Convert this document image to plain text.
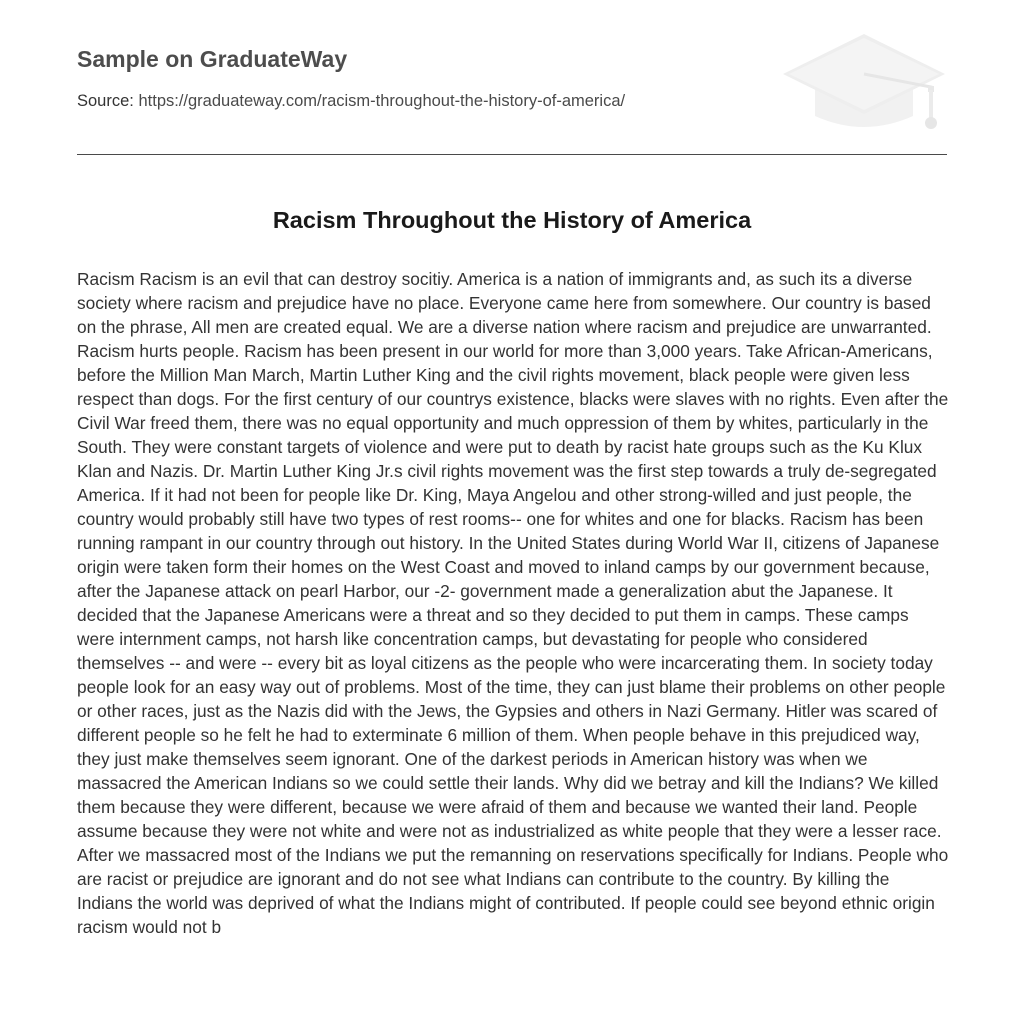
Sample on GraduateWay
Source: https://graduateway.com/racism-throughout-the-history-of-america/
Racism Throughout the History of America

Racism Racism is an evil that can destroy socitiy. America is a nation of immigrants and, as such its a diverse society where racism and prejudice have no place. Everyone came here from somewhere. Our country is based on the phrase, All men are created equal. We are a diverse nation where racism and prejudice are unwarranted. Racism hurts people. Racism has been present in our world for more than 3,000 years. Take African-Americans, before the Million Man March, Martin Luther King and the civil rights movement, black people were given less respect than dogs. For the first century of our countrys existence, blacks were slaves with no rights. Even after the Civil War freed them, there was no equal opportunity and much oppression of them by whites, particularly in the South. They were constant targets of violence and were put to death by racist hate groups such as the Ku Klux Klan and Nazis. Dr. Martin Luther King Jr.s civil rights movement was the first step towards a truly de-segregated America. If it had not been for people like Dr. King, Maya Angelou and other strong-willed and just people, the country would probably still have two types of rest rooms-- one for whites and one for blacks. Racism has been running rampant in our country through out history. In the United States during World War II, citizens of Japanese origin were taken form their homes on the West Coast and moved to inland camps by our government because, after the Japanese attack on pearl Harbor, our -2- government made a generalization abut the Japanese. It decided that the Japanese Americans were a threat and so they decided to put them in camps. These camps were internment camps, not harsh like concentration camps, but devastating for people who considered themselves -- and were -- every bit as loyal citizens as the people who were incarcerating them. In society today people look for an easy way out of problems. Most of the time, they can just blame their problems on other people or other races, just as the Nazis did with the Jews, the Gypsies and others in Nazi Germany. Hitler was scared of different people so he felt he had to exterminate 6 million of them. When people behave in this prejudiced way, they just make themselves seem ignorant. One of the darkest periods in American history was when we massacred the American Indians so we could settle their lands. Why did we betray and kill the Indians? We killed them because they were different, because we were afraid of them and because we wanted their land. People assume because they were not white and were not as industrialized as white people that they were a lesser race. After we massacred most of the Indians we put the remanning on reservations specifically for Indians. People who are racist or prejudice are ignorant and do not see what Indians can contribute to the country. By killing the Indians the world was deprived of what the Indians might of contributed. If people could see beyond ethnic origin racism would not b
